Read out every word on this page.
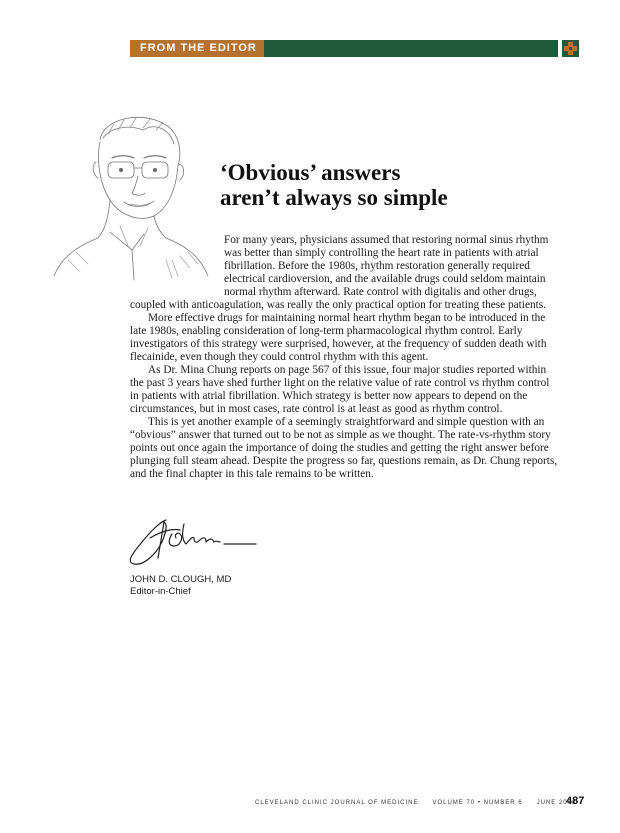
FROM THE EDITOR
‘Obvious’ answers
aren’t always so simple

For many years, physicians assumed that restoring normal sinus rhythm was better than simply controlling the heart rate in patients with atrial fibrillation. Before the 1980s, rhythm restoration generally required electrical cardioversion, and the available drugs could seldom maintain normal rhythm afterward. Rate control with digitalis and other drugs, coupled with anticoagulation, was really the only practical option for treating these patients.

More effective drugs for maintaining normal heart rhythm began to be introduced in the late 1980s, enabling consideration of long-term pharmacological rhythm control. Early investigators of this strategy were surprised, however, at the frequency of sudden death with flecainide, even though they could control rhythm with this agent.

As Dr. Mina Chung reports on page 567 of this issue, four major studies reported within the past 3 years have shed further light on the relative value of rate control vs rhythm control in patients with atrial fibrillation. Which strategy is better now appears to depend on the circumstances, but in most cases, rate control is at least as good as rhythm control.

This is yet another example of a seemingly straightforward and simple question with an “obvious” answer that turned out to be not as simple as we thought. The rate-vs-rhythm story points out once again the importance of doing the studies and getting the right answer before plunging full steam ahead. Despite the progress so far, questions remain, as Dr. Chung reports, and the final chapter in this tale remains to be written.

JOHN D. CLOUGH, MD
Editor-in-Chief
CLEVELAND CLINIC JOURNAL OF MEDICINE VOLUME 70 • NUMBER 6 JUNE 2003
487
